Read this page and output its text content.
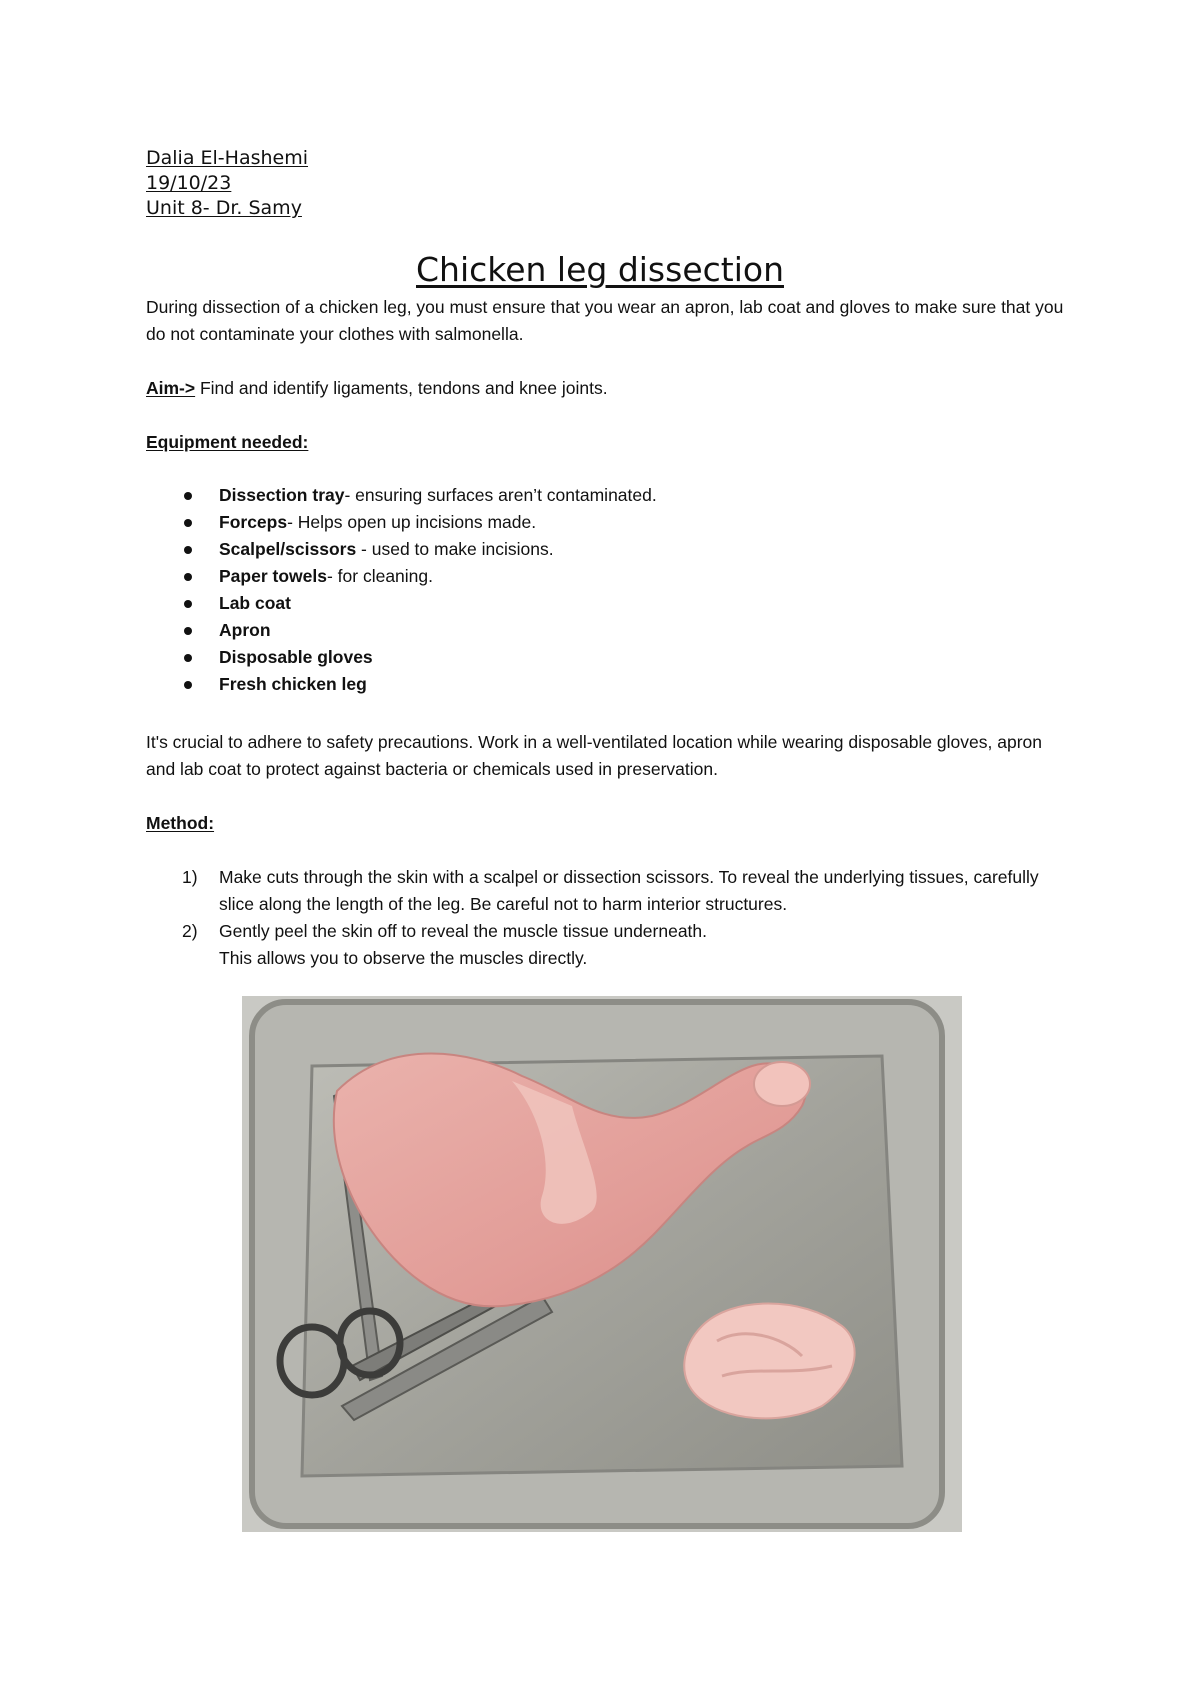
Dalia El-Hashemi
19/10/23
Unit 8- Dr. Samy
Chicken leg dissection
During dissection of a chicken leg, you must ensure that you wear an apron, lab coat and gloves to make sure that you do not contaminate your clothes with salmonella.
Aim-> Find and identify ligaments, tendons and knee joints.
Equipment needed:
Dissection tray- ensuring surfaces aren’t contaminated.
Forceps- Helps open up incisions made.
Scalpel/scissors - used to make incisions.
Paper towels- for cleaning.
Lab coat
Apron
Disposable gloves
Fresh chicken leg
It's crucial to adhere to safety precautions. Work in a well-ventilated location while wearing disposable gloves, apron and lab coat to protect against bacteria or chemicals used in preservation.
Method:
1) Make cuts through the skin with a scalpel or dissection scissors. To reveal the underlying tissues, carefully slice along the length of the leg. Be careful not to harm interior structures.
2) Gently peel the skin off to reveal the muscle tissue underneath.
This allows you to observe the muscles directly.
